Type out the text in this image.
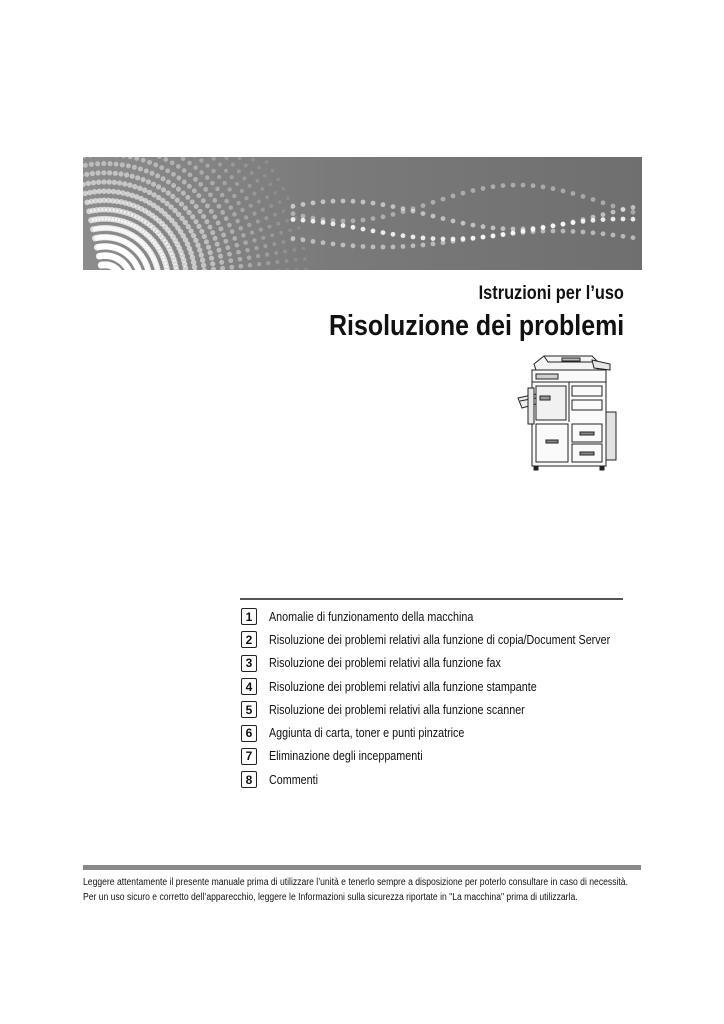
Istruzioni per l’uso
Risoluzione dei problemi
1	Anomalie di funzionamento della macchina
2	Risoluzione dei problemi relativi alla funzione di copia/Document Server
3	Risoluzione dei problemi relativi alla funzione fax
4	Risoluzione dei problemi relativi alla funzione stampante
5	Risoluzione dei problemi relativi alla funzione scanner
6	Aggiunta di carta, toner e punti pinzatrice
7	Eliminazione degli inceppamenti
8	Commenti
Leggere attentamente il presente manuale prima di utilizzare l’unità e tenerlo sempre a disposizione per poterlo consultare in caso di necessità.
Per un uso sicuro e corretto dell’apparecchio, leggere le Informazioni sulla sicurezza riportate in "La macchina" prima di utilizzarla.
